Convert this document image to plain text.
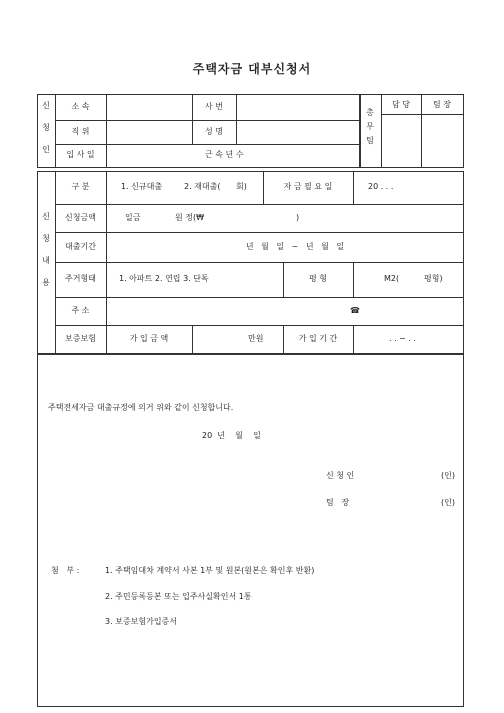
주택자금 대부신청서
신
청
인
소 속	사 번
직 위	성 명
입 사 일	근 속 년 수
총
무
팀
담 당	팀 장
신
청
내
용
구 분	1. 신규대출	2. 재대출( 회)	자 금 필 요 일	20 . . .
신청금액	일금	원 정(₩	)
대출기간	년 월 일 ~ 년 월 일
주거형태	1. 아파트 2. 연립 3. 단독	평 형	M2(	평형)
주 소	☎
보증보험	가 입 금 액	만원	가 입 기 간	. . ~ . .
주택전세자금 대출규정에 의거 위와 같이 신청합니다.
20  년    월    일
신 청 인	(인)
팀   장	(인)
첨   부 :	1. 주택임대차 계약서 사본 1부 및 원본(원본은 확인후 반환)
2. 주민등록등본 또는 입주사실확인서 1통
3. 보증보험가입증서
